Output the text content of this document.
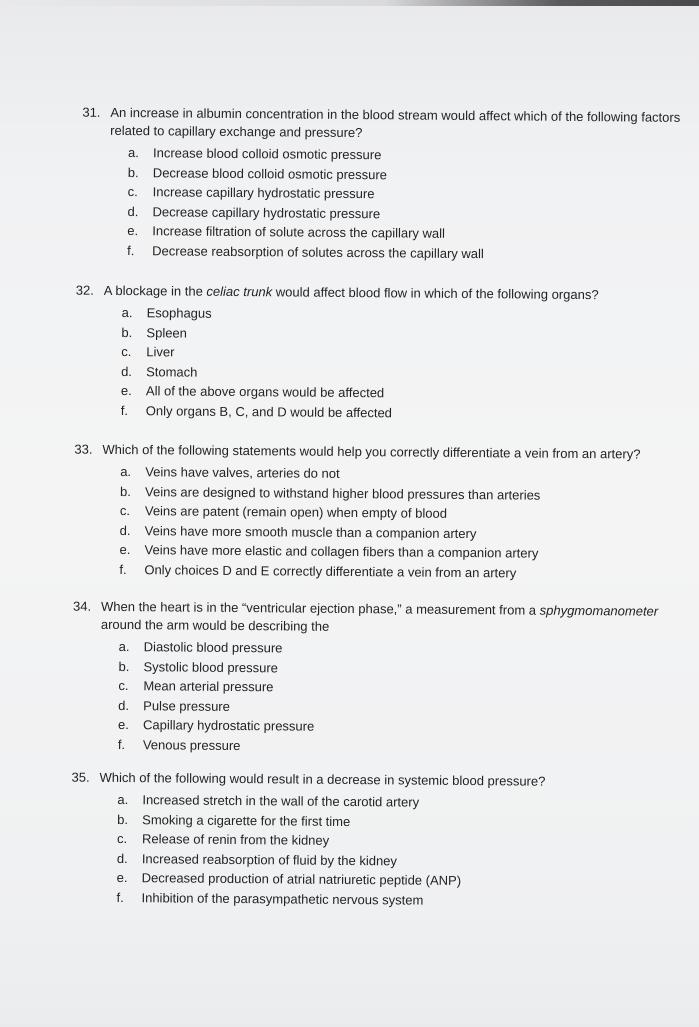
31. An increase in albumin concentration in the blood stream would affect which of the following factors related to capillary exchange and pressure?

a.	Increase blood colloid osmotic pressure
b.	Decrease blood colloid osmotic pressure
c.	Increase capillary hydrostatic pressure
d.	Decrease capillary hydrostatic pressure
e.	Increase filtration of solute across the capillary wall
f.	Decrease reabsorption of solutes across the capillary wall

32. A blockage in the celiac trunk would affect blood flow in which of the following organs?

a.	Esophagus
b.	Spleen
c.	Liver
d.	Stomach
e.	All of the above organs would be affected
f.	Only organs B, C, and D would be affected

33. Which of the following statements would help you correctly differentiate a vein from an artery?

a.	Veins have valves, arteries do not
b.	Veins are designed to withstand higher blood pressures than arteries
c.	Veins are patent (remain open) when empty of blood
d.	Veins have more smooth muscle than a companion artery
e.	Veins have more elastic and collagen fibers than a companion artery
f.	Only choices D and E correctly differentiate a vein from an artery

34. When the heart is in the “ventricular ejection phase,” a measurement from a sphygmomanometer around the arm would be describing the

a.	Diastolic blood pressure
b.	Systolic blood pressure
c.	Mean arterial pressure
d.	Pulse pressure
e.	Capillary hydrostatic pressure
f.	Venous pressure

35. Which of the following would result in a decrease in systemic blood pressure?

a.	Increased stretch in the wall of the carotid artery
b.	Smoking a cigarette for the first time
c.	Release of renin from the kidney
d.	Increased reabsorption of fluid by the kidney
e.	Decreased production of atrial natriuretic peptide (ANP)
f.	Inhibition of the parasympathetic nervous system
